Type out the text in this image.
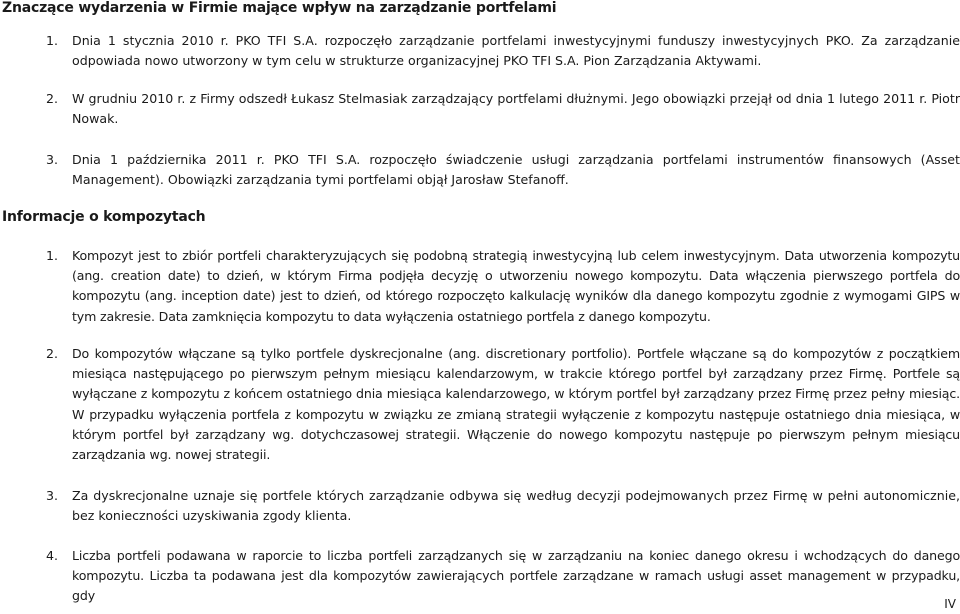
Znaczące wydarzenia w Firmie mające wpływ na zarządzanie portfelami
1.	Dnia 1 stycznia 2010 r. PKO TFI S.A. rozpoczęło zarządzanie portfelami inwestycyjnymi funduszy inwestycyjnych PKO. Za zarządzanie odpowiada nowo utworzony w tym celu w strukturze organizacyjnej PKO TFI S.A. Pion Zarządzania Aktywami.
2.	W grudniu 2010 r. z Firmy odszedł Łukasz Stelmasiak zarządzający portfelami dłużnymi. Jego obowiązki przejął od dnia 1 lutego 2011 r. Piotr Nowak.
3.	Dnia 1 października 2011 r. PKO TFI S.A. rozpoczęło świadczenie usługi zarządzania portfelami instrumentów finansowych (Asset Management). Obowiązki zarządzania tymi portfelami objął Jarosław Stefanoff.
Informacje o kompozytach
1.	Kompozyt jest to zbiór portfeli charakteryzujących się podobną strategią inwestycyjną lub celem inwestycyjnym. Data utworzenia kompozytu (ang. creation date) to dzień, w którym Firma podjęła decyzję o utworzeniu nowego kompozytu. Data włączenia pierwszego portfela do kompozytu (ang. inception date) jest to dzień, od którego rozpoczęto kalkulację wyników dla danego kompozytu zgodnie z wymogami GIPS w tym zakresie. Data zamknięcia kompozytu to data wyłączenia ostatniego portfela z danego kompozytu.
2.	Do kompozytów włączane są tylko portfele dyskrecjonalne (ang. discretionary portfolio). Portfele włączane są do kompozytów z początkiem miesiąca następującego po pierwszym pełnym miesiącu kalendarzowym, w trakcie którego portfel był zarządzany przez Firmę. Portfele są wyłączane z kompozytu z końcem ostatniego dnia miesiąca kalendarzowego, w którym portfel był zarządzany przez Firmę przez pełny miesiąc. W przypadku wyłączenia portfela z kompozytu w związku ze zmianą strategii wyłączenie z kompozytu następuje ostatniego dnia miesiąca, w którym portfel był zarządzany wg. dotychczasowej strategii. Włączenie do nowego kompozytu następuje po pierwszym pełnym miesiącu zarządzania wg. nowej strategii.
3.	Za dyskrecjonalne uznaje się portfele których zarządzanie odbywa się według decyzji podejmowanych przez Firmę w pełni autonomicznie, bez konieczności uzyskiwania zgody klienta.
4.	Liczba portfeli podawana w raporcie to liczba portfeli zarządzanych się w zarządzaniu na koniec danego okresu i wchodzących do danego kompozytu. Liczba ta podawana jest dla kompozytów zawierających portfele zarządzane w ramach usługi asset management w przypadku, gdy
IV
